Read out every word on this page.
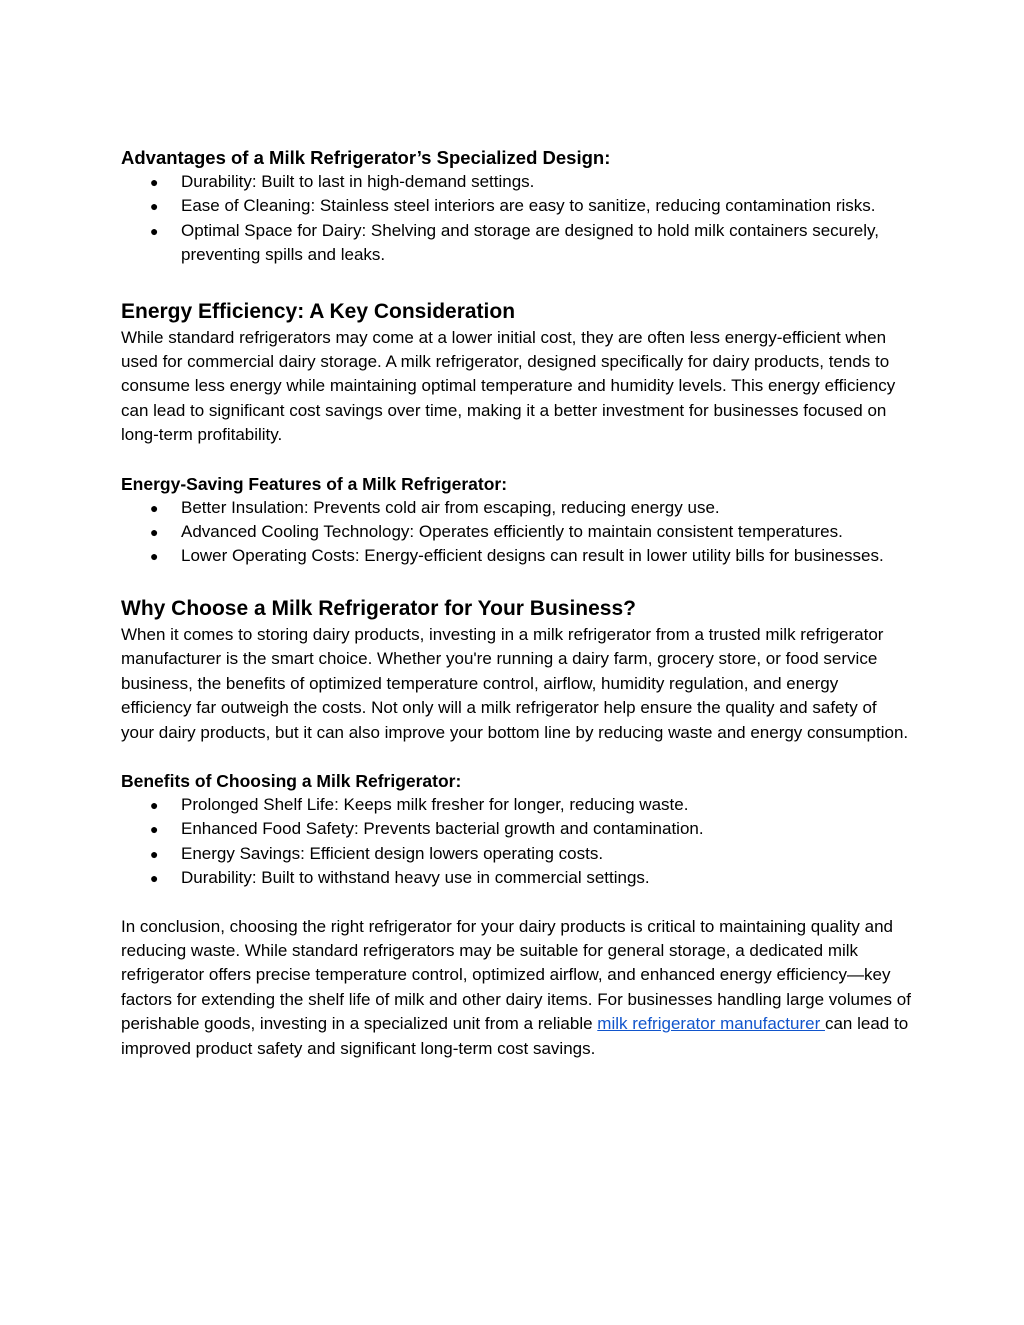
Advantages of a Milk Refrigerator’s Specialized Design:
● Durability: Built to last in high-demand settings.
● Ease of Cleaning: Stainless steel interiors are easy to sanitize, reducing contamination risks.
● Optimal Space for Dairy: Shelving and storage are designed to hold milk containers securely, preventing spills and leaks.
Energy Efficiency: A Key Consideration

While standard refrigerators may come at a lower initial cost, they are often less energy-efficient when used for commercial dairy storage. A milk refrigerator, designed specifically for dairy products, tends to consume less energy while maintaining optimal temperature and humidity levels. This energy efficiency can lead to significant cost savings over time, making it a better investment for businesses focused on long-term profitability.

Energy-Saving Features of a Milk Refrigerator:
● Better Insulation: Prevents cold air from escaping, reducing energy use.
● Advanced Cooling Technology: Operates efficiently to maintain consistent temperatures.
● Lower Operating Costs: Energy-efficient designs can result in lower utility bills for businesses.
Why Choose a Milk Refrigerator for Your Business?

When it comes to storing dairy products, investing in a milk refrigerator from a trusted milk refrigerator manufacturer is the smart choice. Whether you're running a dairy farm, grocery store, or food service business, the benefits of optimized temperature control, airflow, humidity regulation, and energy efficiency far outweigh the costs. Not only will a milk refrigerator help ensure the quality and safety of your dairy products, but it can also improve your bottom line by reducing waste and energy consumption.

Benefits of Choosing a Milk Refrigerator:
● Prolonged Shelf Life: Keeps milk fresher for longer, reducing waste.
● Enhanced Food Safety: Prevents bacterial growth and contamination.
● Energy Savings: Efficient design lowers operating costs.
● Durability: Built to withstand heavy use in commercial settings.

In conclusion, choosing the right refrigerator for your dairy products is critical to maintaining quality and reducing waste. While standard refrigerators may be suitable for general storage, a dedicated milk refrigerator offers precise temperature control, optimized airflow, and enhanced energy efficiency—key factors for extending the shelf life of milk and other dairy items. For businesses handling large volumes of perishable goods, investing in a specialized unit from a reliable milk refrigerator manufacturer can lead to improved product safety and significant long-term cost savings.
